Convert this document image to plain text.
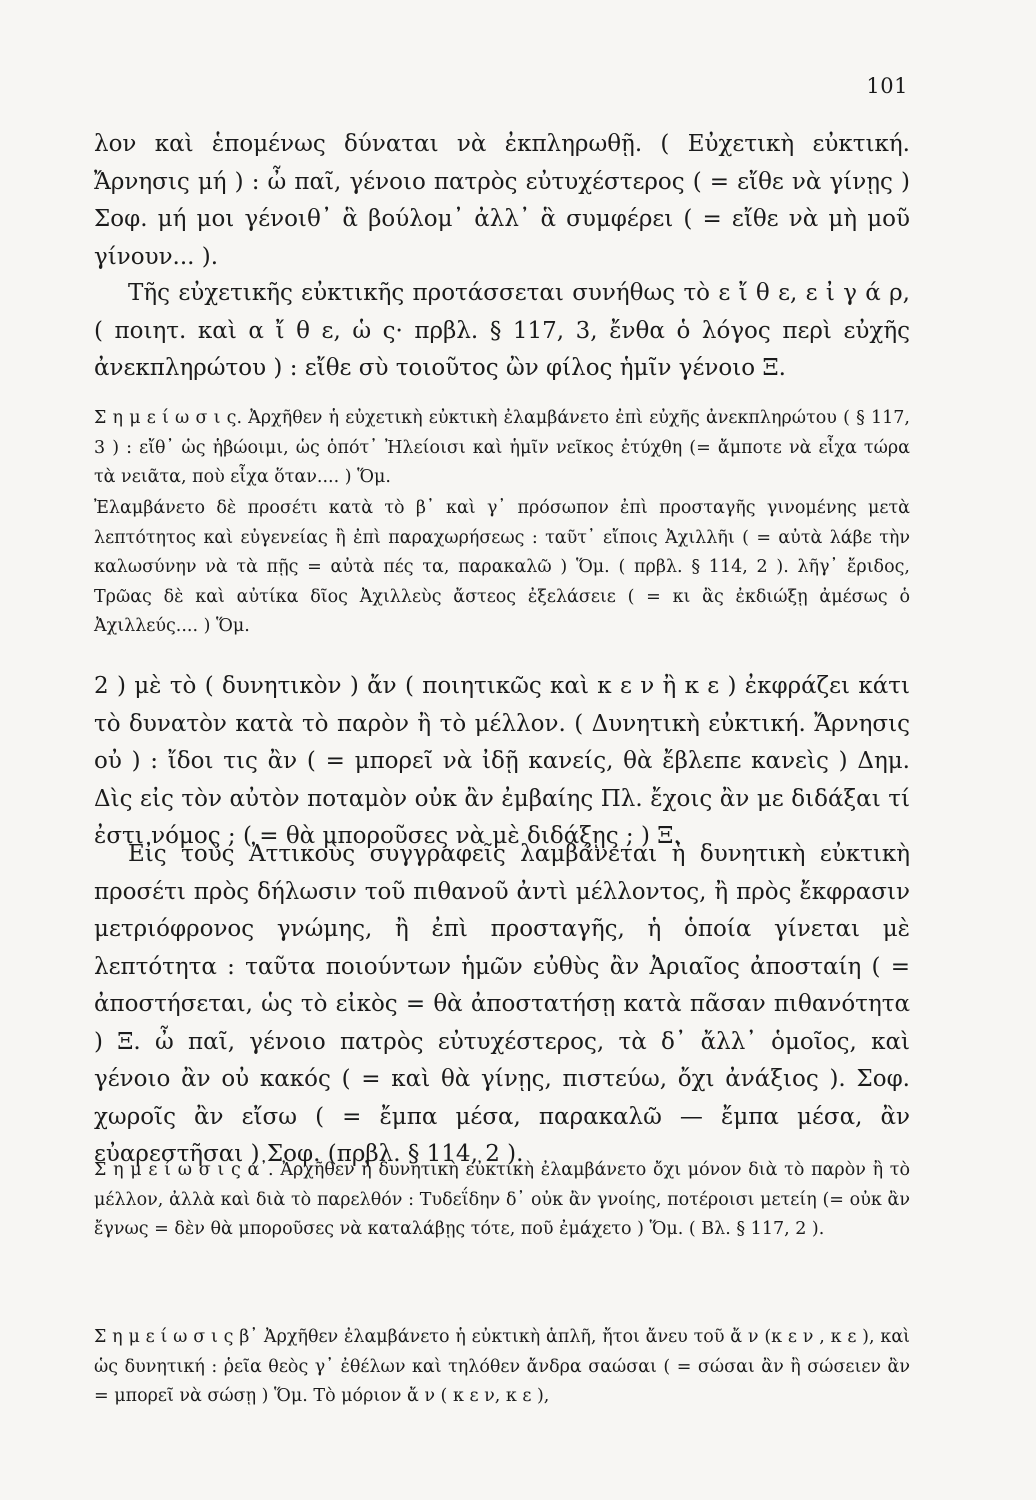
101

λον καὶ ἑπομένως δύναται νὰ ἐκπληρωθῇ. ( Εὐχετικὴ εὐκτική. Ἄρνησις μή ) : ὦ παῖ, γένοιο πατρὸς εὐτυχέστερος ( = εἴθε νὰ γίνῃς ) Σοφ. μή μοι γένοιθ᾽ ἃ βούλομ᾽ ἀλλ᾽ ἃ συμφέρει ( = εἴθε νὰ μὴ μοῦ γίνουν... ).

Τῆς εὐχετικῆς εὐκτικῆς προτάσσεται συνήθως τὸ ε ἴ θ ε, ε ἰ γ ά ρ, ( ποιητ. καὶ α ἴ θ ε, ὡ ς· πρβλ. § 117, 3, ἔνθα ὁ λόγος περὶ εὐχῆς ἀνεκπληρώτου ) : εἴθε σὺ τοιοῦτος ὢν φίλος ἡμῖν γένοιο Ξ.

Σ η μ ε ί ω σ ι ς. Ἀρχῆθεν ἡ εὐχετικὴ εὐκτικὴ ἐλαμβάνετο ἐπὶ εὐχῆς ἀνεκπληρώτου ( § 117, 3 ) : εἴθ᾽ ὡς ἡβώοιμι, ὡς ὁπότ᾽ Ἠλείοισι καὶ ἡμῖν νεῖκος ἐτύχθη (= ἄμποτε νὰ εἶχα τώρα τὰ νειᾶτα, ποὺ εἶχα ὅταν.... ) Ὅμ.

Ἐλαμβάνετο δὲ προσέτι κατὰ τὸ β᾽ καὶ γ᾽ πρόσωπον ἐπὶ προσταγῆς γινομένης μετὰ λεπτότητος καὶ εὐγενείας ἢ ἐπὶ παραχωρήσεως : ταῦτ᾽ εἴποις Ἀχιλλῆι ( = αὐτὰ λάβε τὴν καλωσύνην νὰ τὰ πῇς = αὐτὰ πές τα, παρακαλῶ ) Ὅμ. ( πρβλ. § 114, 2 ). λῆγ᾽ ἔριδος, Τρῶας δὲ καὶ αὐτίκα δῖος Ἀχιλλεὺς ἄστεος ἐξελάσειε ( = κι ἂς ἐκδιώξῃ ἀμέσως ὁ Ἀχιλλεύς.... ) Ὅμ.

2 ) μὲ τὸ ( δυνητικὸν ) ἄν ( ποιητικῶς καὶ κ ε ν ἢ κ ε ) ἐκφράζει κάτι τὸ δυνατὸν κατὰ τὸ παρὸν ἢ τὸ μέλλον. ( Δυνητικὴ εὐκτική. Ἄρνησις οὐ ) : ἴδοι τις ἂν ( = μπορεῖ νὰ ἰδῇ κανείς, θὰ ἔβλεπε κανεὶς ) Δημ. Δὶς εἰς τὸν αὐτὸν ποταμὸν οὐκ ἂν ἐμβαίης Πλ. ἔχοις ἂν με διδάξαι τί ἐστι νόμος ; ( = θὰ μποροῦσες νὰ μὲ διδάξῃς ; ) Ξ.

Εἰς τοὺς Ἀττικοὺς συγγραφεῖς λαμβάνεται ἡ δυνητικὴ εὐκτικὴ προσέτι πρὸς δήλωσιν τοῦ πιθανοῦ ἀντὶ μέλλοντος, ἢ πρὸς ἔκφρασιν μετριόφρονος γνώμης, ἢ ἐπὶ προσταγῆς, ἡ ὁποία γίνεται μὲ λεπτότητα : ταῦτα ποιούντων ἡμῶν εὐθὺς ἂν Ἀριαῖος ἀποσταίη ( = ἀποστήσεται, ὡς τὸ εἰκὸς = θὰ ἀποστατήσῃ κατὰ πᾶσαν πιθανότητα ) Ξ. ὦ παῖ, γένοιο πατρὸς εὐτυχέστερος, τὰ δ᾽ ἄλλ᾽ ὁμοῖος, καὶ γένοιο ἂν οὐ κακός ( = καὶ θὰ γίνῃς, πιστεύω, ὄχι ἀνάξιος ). Σοφ. χωροῖς ἂν εἴσω ( = ἔμπα μέσα, παρακαλῶ — ἔμπα μέσα, ἂν εὐαρεστῆσαι ) Σοφ. (πρβλ. § 114, 2 ).

Σ η μ ε ί ω σ ι ς α᾽. Ἀρχῆθεν ἡ δυνητικὴ εὐκτικὴ ἐλαμβάνετο ὄχι μόνον διὰ τὸ παρὸν ἢ τὸ μέλλον, ἀλλὰ καὶ διὰ τὸ παρελθόν : Τυδεΐδην δ᾽ οὐκ ἂν γνοίης, ποτέροισι μετείη (= οὐκ ἂν ἔγνως = δὲν θὰ μποροῦσες νὰ καταλάβῃς τότε, ποῦ ἐμάχετο ) Ὅμ. ( Βλ. § 117, 2 ).

Σ η μ ε ί ω σ ι ς β᾽ Ἀρχῆθεν ἐλαμβάνετο ἡ εὐκτικὴ ἁπλῆ, ἤτοι ἄνευ τοῦ ἄ ν (κ ε ν , κ ε ), καὶ ὡς δυνητική : ῥεῖα θεὸς γ᾽ ἐθέλων καὶ τηλόθεν ἄνδρα σαώσαι ( = σώσαι ἂν ἢ σώσειεν ἂν = μπορεῖ νὰ σώσῃ ) Ὅμ. Τὸ μόριον ἄ ν ( κ ε ν, κ ε ),
